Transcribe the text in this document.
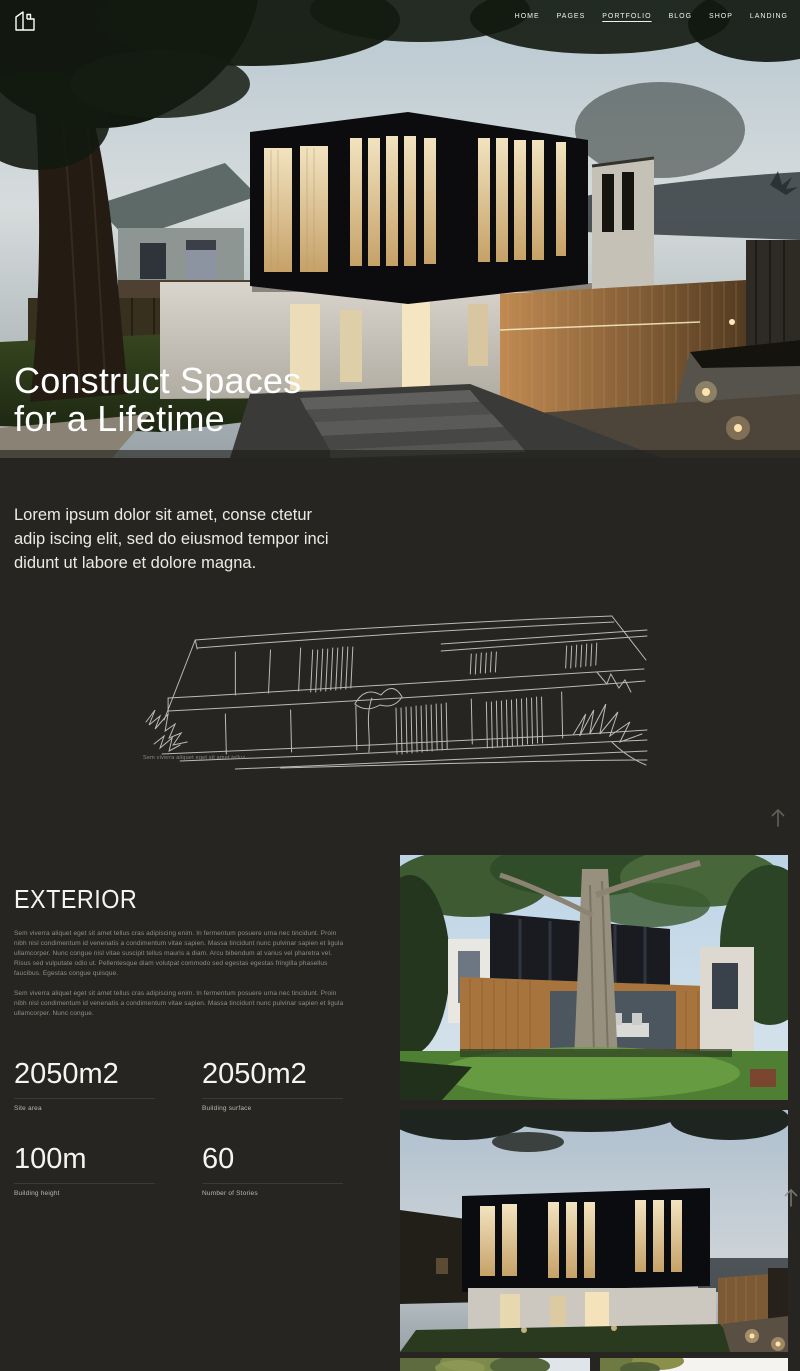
HOME PAGES PORTFOLIO BLOG SHOP LANDING
Construct Spaces
for a Lifetime
Lorem ipsum dolor sit amet, conse ctetur
adip iscing elit, sed do eiusmod tempor inci
didunt ut labore et dolore magna.
Sem viverra aliquet eget sit amet tellus
EXTERIOR

Sem viverra aliquet eget sit amet tellus cras adipiscing enim. In fermentum posuere urna nec tincidunt. Proin nibh nisl condimentum id venenatis a condimentum vitae sapien. Massa tincidunt nunc pulvinar sapien et ligula ullamcorper. Nunc congue nisl vitae suscipit tellus mauris a diam. Arcu bibendum at varius vel pharetra vel. Risus sed vulputate odio ut. Pellentesque diam volutpat commodo sed egestas egestas fringilla phasellus faucibus. Egestas congue quisque.

Sem viverra aliquet eget sit amet tellus cras adipiscing enim. In fermentum posuere urna nec tincidunt. Proin nibh nisl condimentum id venenatis a condimentum vitae sapien. Massa tincidunt nunc pulvinar sapien et ligula ullamcorper. Nunc congue.

2050m2
Site area
2050m2
Building surface
100m
Building height
60
Number of Stories
